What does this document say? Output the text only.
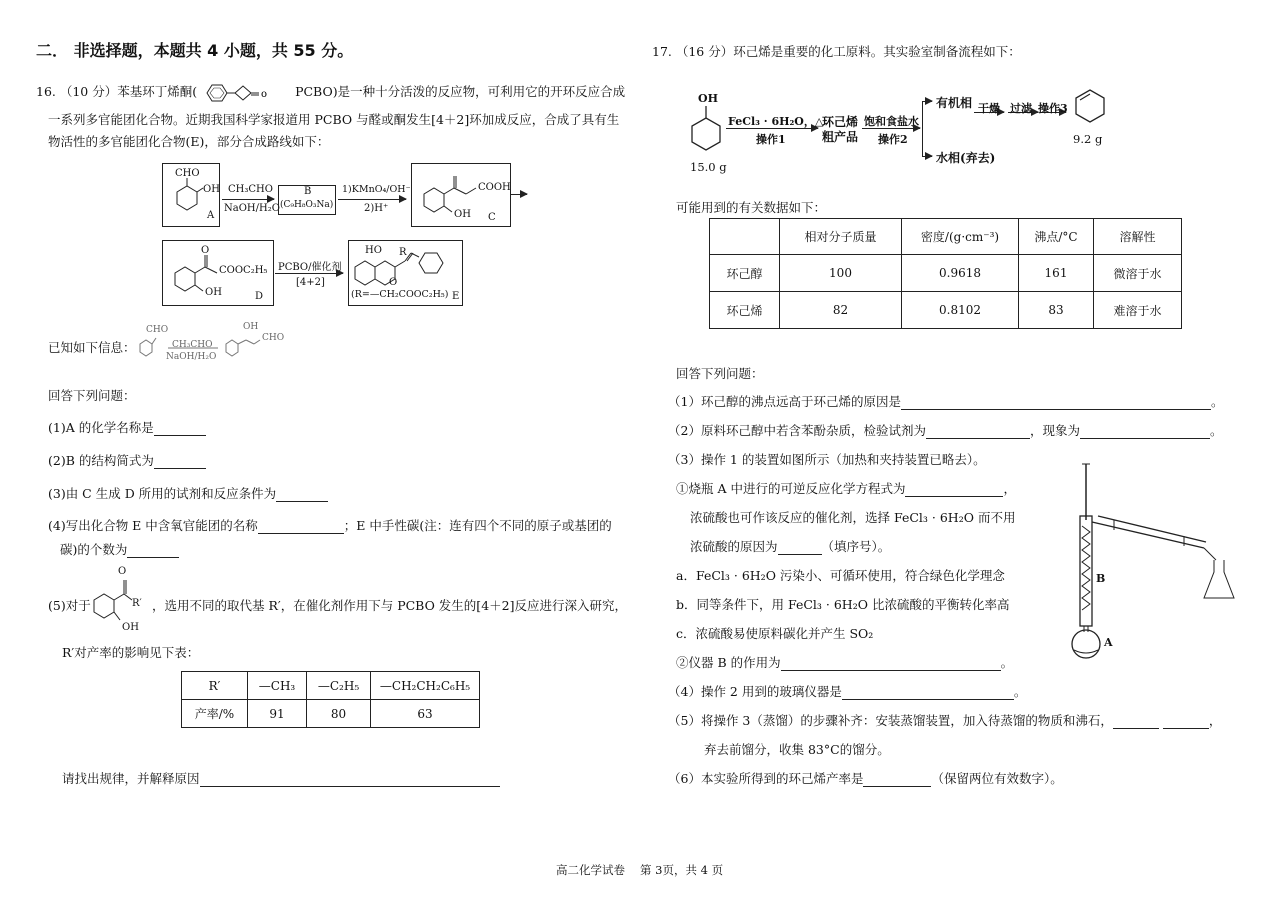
二． 非选择题，本题共 4 小题，共 55 分。
16. （10 分）苯基环丁烯酮(	o PCBO)是一种十分活泼的反应物，可利用它的开环反应合成
一系列多官能团化合物。近期我国科学家报道用 PCBO 与醛或酮发生[4＋2]环加成反应，合成了具有生
物活性的多官能团化合物(E)，部分合成路线如下：
CHO
OH
A
CH₃CHO
NaOH/H₂O
B
(C₉H₈O₃Na)
1)KMnO₄/OH⁻
2)H⁺
COOH
OH C
O
COOC₂H₅
OH	D
PCBO/催化剂
[4+2]
HO R
O
(R=—CH₂COOC₂H₅) E
已知如下信息：
CHO
CH₃CHO
NaOH/H₂O
OH
CHO
回答下列问题：
(1)A 的化学名称是
(2)B 的结构简式为
(3)由 C 生成 D 所用的试剂和反应条件为
(4)写出化合物 E 中含氧官能团的名称	；E 中手性碳(注：连有四个不同的原子或基团的
碳)的个数为
(5)对于
O
R′
OH
，选用不同的取代基 R′，在催化剂作用下与 PCBO 发生的[4＋2]反应进行深入研究，
R′对产率的影响见下表：
R′	—CH₃	—C₂H₅	—CH₂CH₂C₆H₅
产率/%	91	80	63
请找出规律，并解释原因
17. （16 分）环己烯是重要的化工原料。其实验室制备流程如下：
OH
15.0 g
FeCl₃ · 6H₂O，△
操作1
环己烯
粗产品
饱和食盐水
操作2
有机相
水相(弃去)
干燥 过滤 操作3
9.2 g
可能用到的有关数据如下：
	相对分子质量	密度/(g·cm⁻³)	沸点/°C	溶解性
环己醇	100	0.9618	161	微溶于水
环己烯	82	0.8102	83	难溶于水
回答下列问题：
（1）环己醇的沸点远高于环己烯的原因是	。
（2）原料环己醇中若含苯酚杂质，检验试剂为	，现象为	。
（3）操作 1 的装置如图所示（加热和夹持装置已略去）。
①烧瓶 A 中进行的可逆反应化学方程式为	，
浓硫酸也可作该反应的催化剂，选择 FeCl₃ · 6H₂O 而不用
浓硫酸的原因为	（填序号）。
a．FeCl₃ · 6H₂O 污染小、可循环使用，符合绿色化学理念
b．同等条件下，用 FeCl₃ · 6H₂O 比浓硫酸的平衡转化率高
c．浓硫酸易使原料碳化并产生 SO₂
②仪器 B 的作用为	。
（4）操作 2 用到的玻璃仪器是	。
（5）将操作 3（蒸馏）的步骤补齐：安装蒸馏装置，加入待蒸馏的物质和沸石，	，
弃去前馏分，收集 83°C的馏分。
（6）本实验所得到的环己烯产率是	（保留两位有效数字）。
B
A
高二化学试卷 第 3页，共 4 页
